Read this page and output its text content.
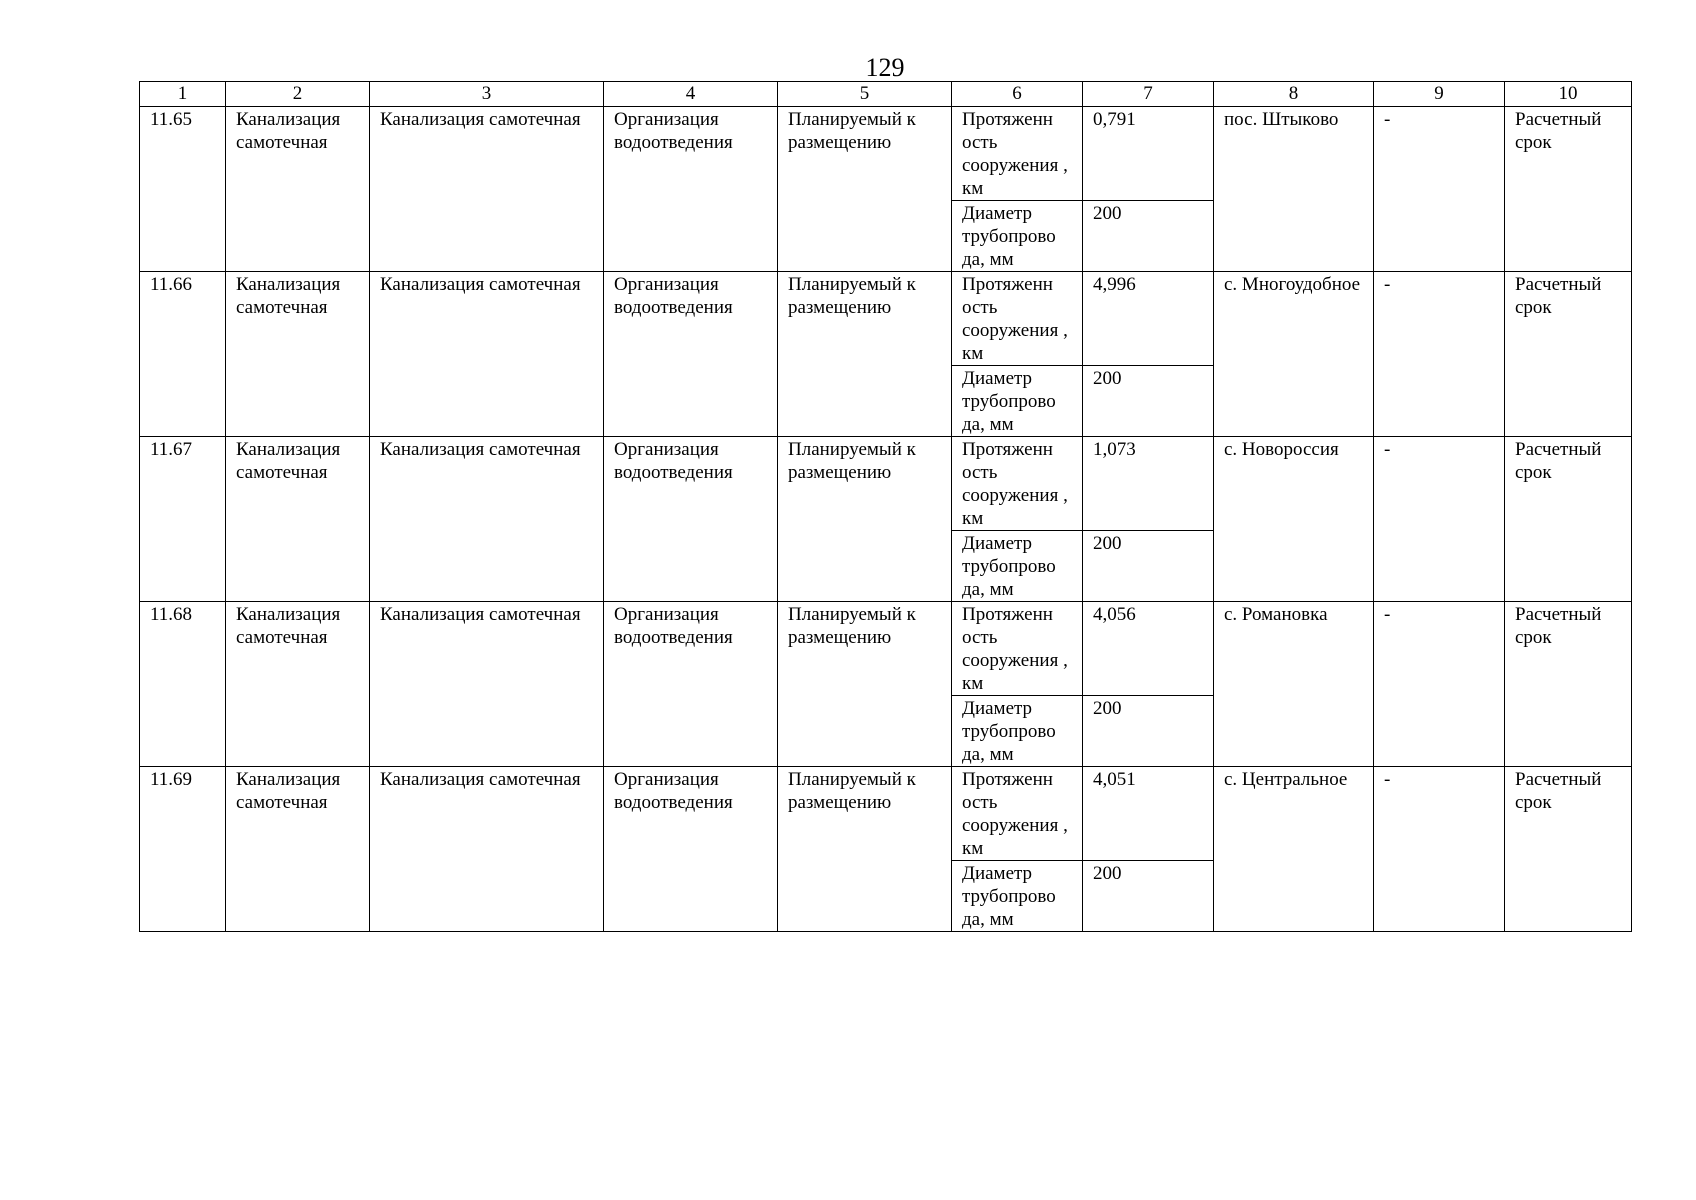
129
1	2	3	4	5	6	7	8	9	10
11.65	Канализация самотечная	Канализация самотечная	Организация водоотведения	Планируемый к размещению	Протяженн ость сооружения , км	0,791	пос. Штыково	-	Расчетный срок
					Диаметр трубопрово да, мм	200			
11.66	Канализация самотечная	Канализация самотечная	Организация водоотведения	Планируемый к размещению	Протяженн ость сооружения , км	4,996	с. Многоудобное	-	Расчетный срок
					Диаметр трубопрово да, мм	200			
11.67	Канализация самотечная	Канализация самотечная	Организация водоотведения	Планируемый к размещению	Протяженн ость сооружения , км	1,073	с. Новороссия	-	Расчетный срок
					Диаметр трубопрово да, мм	200			
11.68	Канализация самотечная	Канализация самотечная	Организация водоотведения	Планируемый к размещению	Протяженн ость сооружения , км	4,056	с. Романовка	-	Расчетный срок
					Диаметр трубопрово да, мм	200			
11.69	Канализация самотечная	Канализация самотечная	Организация водоотведения	Планируемый к размещению	Протяженн ость сооружения , км	4,051	с. Центральное	-	Расчетный срок
					Диаметр трубопрово да, мм	200			
